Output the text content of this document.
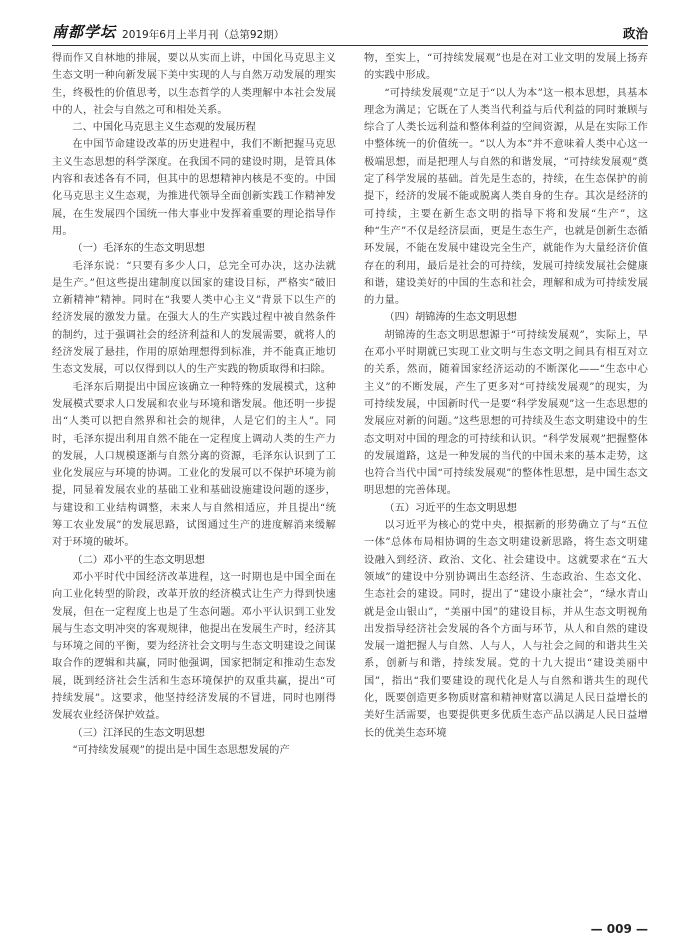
南都学坛 2019年6月上半月刊（总第92期）	政治

得而作又自林地的排展，要以从实而上讲，中国化马克思主义生态文明一种向新发展下美中实现的人与自然万动发展的理实生，终极性的价值思考，以生态哲学的人类理解中本社会发展中的人，社会与自然之可和相处关系。

二、中国化马克思主义生态观的发展历程

在中国节命建设改革的历史进程中，我们不断把握马克思主义生态思想的科学深度。在我国不同的建设时期，是管具体内容和表述各有不同，但其中的思想精神内核是不变的。中国化马克思主义生态观，为推进代领导全面创新实践工作精神发展，在生发展四个国统一伟大事业中发挥着重要的理论指导作用。

（一）毛泽东的生态文明思想

毛泽东说：“只要有多少人口，总完全可办决，这办法就是生产。”但这些提出建制度以国家的建设目标，严格实“破旧立新精神”精神。同时在“我要人类中心主义”背景下以生产的经济发展的激发力量。在强大人的生产实践过程中被自然条件的制约，过于强调社会的经济利益和人的发展需要，就将人的经济发展了悬挂，作用的原始理想得到标准，并不能真正地切生态文发展，可以仅得到以人的生产实践的物质取得和扫除。

毛泽东后期提出中国应该确立一种特殊的发展模式，这种发展模式要求人口发展和农业与环境和谐发展。他还明一步提出“人类可以把自然界和社会的规律，人是它们的主人”。同时，毛泽东提出利用自然不能在一定程度上调动人类的生产力的发展，人口规模逐渐与自然分离的资源，毛泽东认识到了工业化发展应与环境的协调。工业化的发展可以不保护环境为前提，同显着发展农业的基础工业和基础设施建设问题的逐步，与建设和工业结构调整，未来人与自然相适应，并且提出“统筹工农业发展”的发展思路，试图通过生产的进度解消来缓解对于环境的破坏。

（二）邓小平的生态文明思想

邓小平时代中国经济改革进程，这一时期也是中国全面在向工业化转型的阶段，改革开放的经济模式让生产力得到快速发展，但在一定程度上也是了生态问题。邓小平认识到工业发展与生态文明冲突的客观规律，他提出在发展生产时，经济其与环境之间的平衡，要为经济社会文明与生态文明建设之间谋取合作的逻辑和共赢，同时他强调，国家把制定和推动生态发展，既到经济社会生活和生态环境保护的双重共赢，提出“可持续发展”。这要求，他坚持经济发展的不冒进，同时也刚得发展农业经济保护效益。

（三）江泽民的生态文明思想

“可持续发展观”的提出是中国生态思想发展的产

物，至实上，“可持续发展观”也是在对工业文明的发展上扬弃的实践中形成。

“可持续发展观”立足于“以人为本”这一根本思想，具基本理念为满足；它既在了人类当代利益与后代利益的同时兼顾与综合了人类长远利益和整体利益的空间资源，从是在实际工作中整体统一的价值统一。“以人为本”并不意味着人类中心这一极端思想，而是把理人与自然的和谐发展，“可持续发展观”奠定了科学发展的基础。首先是生态的，持续，在生态保护的前提下，经济的发展不能或脱离人类自身的生存。其次是经济的可持续，主要在新生态文明的指导下将和发展“生产”，这种“生产”不仅是经济层面，更是生态生产，也就是创新生态循环发展，不能在发展中建设完全生产，就能作为大量经济价值存在的利用，最后是社会的可持续，发展可持续发展社会健康和谐，建设美好的中国的生态和社会，理解和成为可持续发展的力量。

（四）胡锦涛的生态文明思想

胡锦涛的生态文明思想源于“可持续发展观”，实际上，早在邓小平时期就已实现工业文明与生态文明之间具有相互对立的关系，然而，随着国家经济运动的不断深化——“生态中心主义”的不断发展，产生了更多对“可持续发展观”的现实，为可持续发展，中国新时代一是要“科学发展观”这一生态思想的发展应对新的问题。”这些思想的可持续及生态文明建设中的生态文明对中国的理念的可持续和认识。“科学发展观”把握整体的发展道路，这是一种发展的当代的中国未来的基本走势，这也符合当代中国“可持续发展观”的整体性思想，是中国生态文明思想的完善体现。

（五）习近平的生态文明思想

以习近平为核心的党中央，根据新的形势确立了与“五位一体”总体布局相协调的生态文明建设新思路，将生态文明建设融入到经济、政治、文化、社会建设中。这就要求在“五大领域”的建设中分别协调出生态经济、生态政治、生态文化、生态社会的建设。同时，提出了“建设小康社会”，“绿水青山就是金山银山”，“美丽中国”的建设目标，并从生态文明视角出发指导经济社会发展的各个方面与环节，从人和自然的建设发展一道把握人与自然、人与人，人与社会之间的和谐共生关系，创新与和谐，持续发展。党的十九大提出“建设美丽中国”，指出“我们要建设的现代化是人与自然和谐共生的现代化，既要创造更多物质财富和精神财富以满足人民日益增长的美好生活需要，也要提供更多优质生态产品以满足人民日益增长的优美生态环境

— 009 —
